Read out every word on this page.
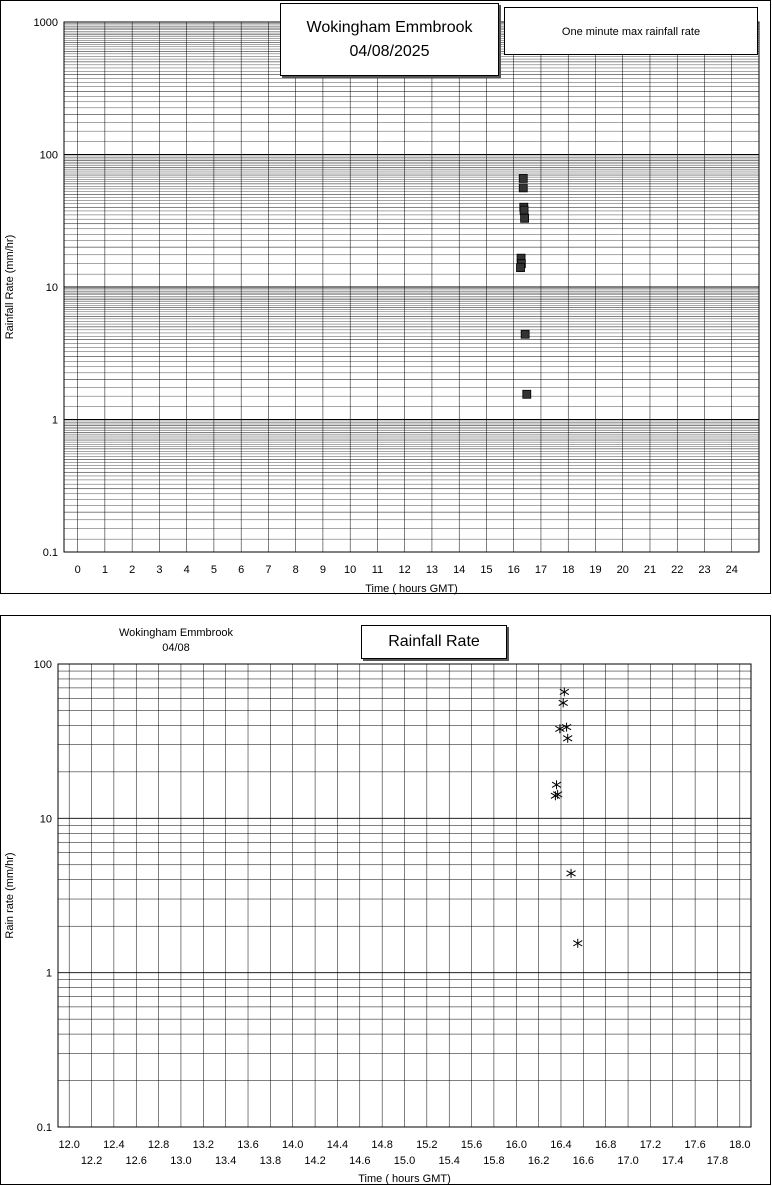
0.1
1
10
100
1000
0 1 2 3 4 5 6 7 8 9 10 11 12 13 14 15 16 17 18 19 20 21 22 23 24
Time ( hours GMT)
Rainfall Rate (mm/hr)
Wokingham Emmbrook
04/08/2025
One minute max rainfall rate
0.1
1
10
100
12.0 12.4 12.8 13.2 13.6 14.0 14.4 14.8 15.2 15.6 16.0 16.4 16.8 17.2 17.6 18.0
12.2 12.6 13.0 13.4 13.8 14.2 14.6 15.0 15.4 15.8 16.2 16.6 17.0 17.4 17.8
Time ( hours GMT)
Rain rate (mm/hr)
Wokingham Emmbrook
04/08	Rainfall Rate
